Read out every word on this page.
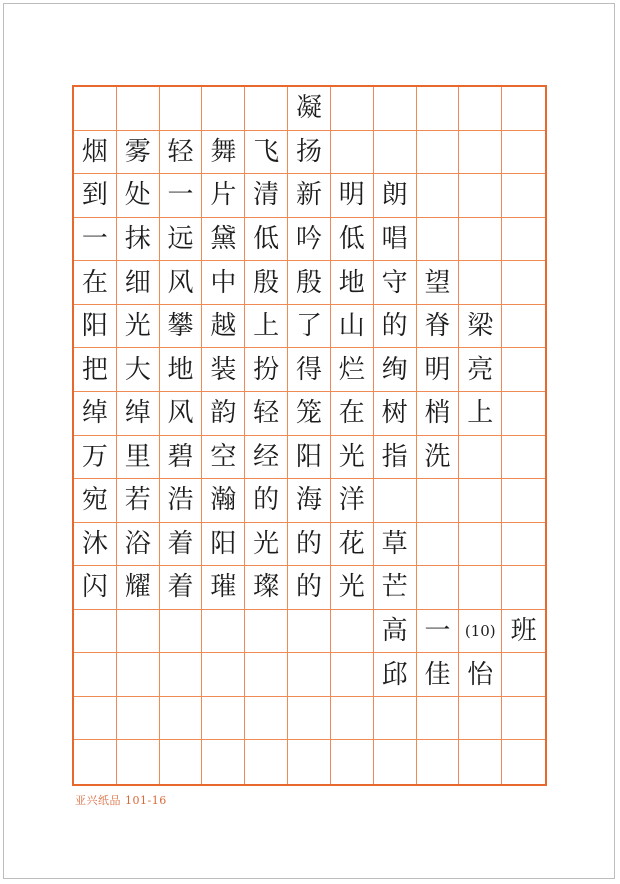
凝
烟 雾 轻 舞 飞 扬
到 处 一 片 清 新 明 朗
一 抹 远 黛 低 吟 低 唱
在 细 风 中 殷 殷 地 守 望
阳 光 攀 越 上 了 山 的 脊 梁
把 大 地 装 扮 得 烂 绚 明 亮
绰 绰 风 韵 轻 笼 在 树 梢 上
万 里 碧 空 经 阳 光 指 洗
宛 若 浩 瀚 的 海 洋
沐 浴 着 阳 光 的 花 草
闪 耀 着 璀 璨 的 光 芒
高 一 (10) 班
邱 佳 怡
亚兴纸品 101-16
